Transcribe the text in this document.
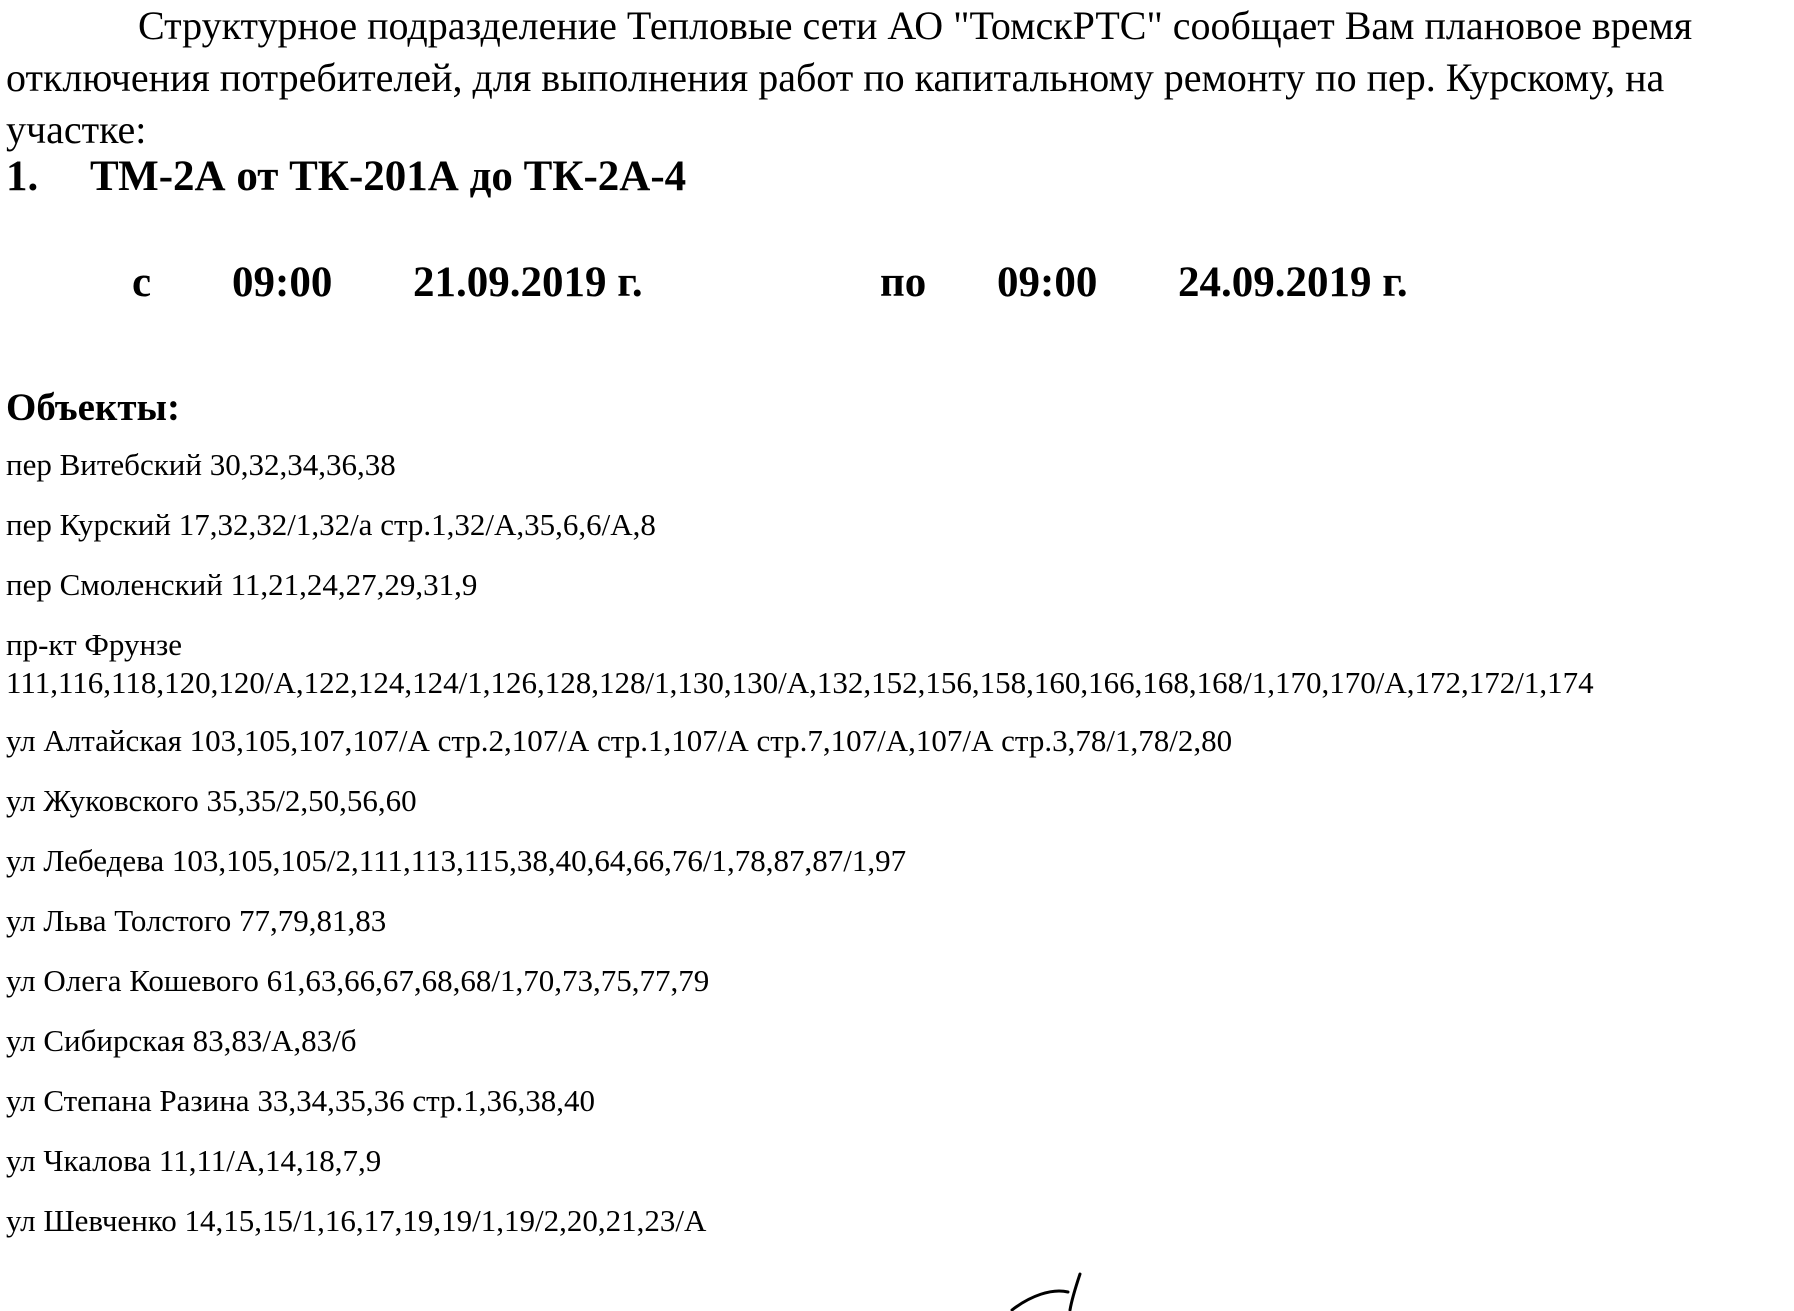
Структурное подразделение Тепловые сети АО "ТомскРТС" сообщает Вам плановое время отключения потребителей, для выполнения работ по капитальному ремонту по пер. Курскому, на участке:

1. ТМ-2А от ТК-201А до ТК-2А-4

с 09:00 21.09.2019 г.	по 09:00 24.09.2019 г.

Объекты:

пер Витебский 30,32,34,36,38
пер Курский 17,32,32/1,32/а стр.1,32/А,35,6,6/А,8
пер Смоленский 11,21,24,27,29,31,9
пр-кт Фрунзе
111,116,118,120,120/А,122,124,124/1,126,128,128/1,130,130/А,132,152,156,158,160,166,168,168/1,170,170/А,172,172/1,174
ул Алтайская 103,105,107,107/А стр.2,107/А стр.1,107/А стр.7,107/А,107/А стр.3,78/1,78/2,80
ул Жуковского 35,35/2,50,56,60
ул Лебедева 103,105,105/2,111,113,115,38,40,64,66,76/1,78,87,87/1,97
ул Льва Толстого 77,79,81,83
ул Олега Кошевого 61,63,66,67,68,68/1,70,73,75,77,79
ул Сибирская 83,83/А,83/б
ул Степана Разина 33,34,35,36 стр.1,36,38,40
ул Чкалова 11,11/А,14,18,7,9
ул Шевченко 14,15,15/1,16,17,19,19/1,19/2,20,21,23/А
